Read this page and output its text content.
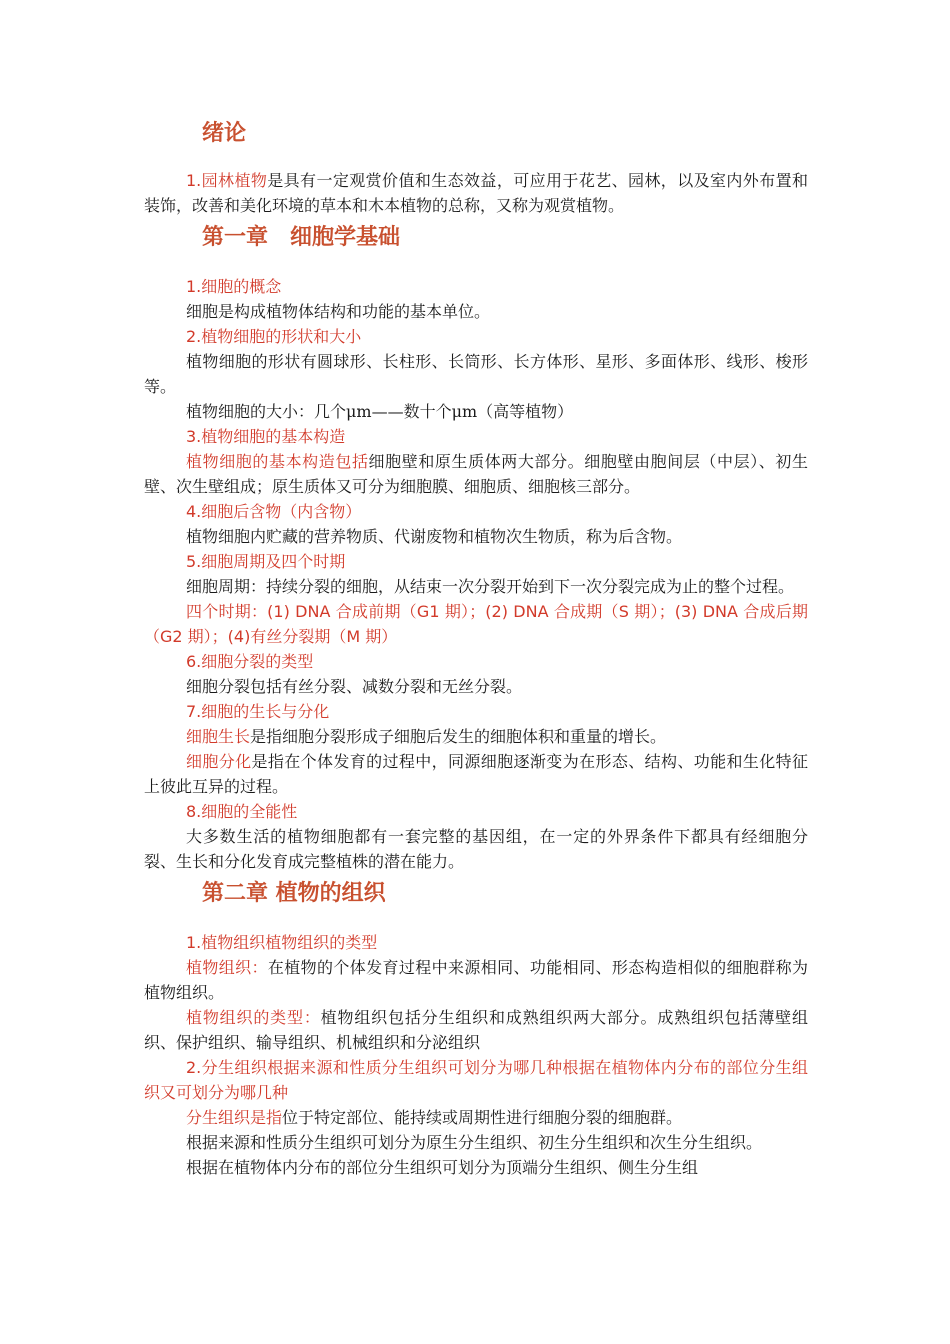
绪论

1.园林植物是具有一定观赏价值和生态效益，可应用于花艺、园林，以及室内外布置和装饰，改善和美化环境的草本和木本植物的总称，又称为观赏植物。

第一章　细胞学基础

1.细胞的概念

细胞是构成植物体结构和功能的基本单位。

2.植物细胞的形状和大小

植物细胞的形状有圆球形、长柱形、长筒形、长方体形、星形、多面体形、线形、梭形等。

植物细胞的大小：几个μm——数十个μm（高等植物）

3.植物细胞的基本构造

植物细胞的基本构造包括细胞壁和原生质体两大部分。细胞壁由胞间层（中层）、初生壁、次生壁组成；原生质体又可分为细胞膜、细胞质、细胞核三部分。

4.细胞后含物（内含物）

植物细胞内贮藏的营养物质、代谢废物和植物次生物质，称为后含物。

5.细胞周期及四个时期

细胞周期：持续分裂的细胞，从结束一次分裂开始到下一次分裂完成为止的整个过程。

四个时期：(1) DNA 合成前期（G1 期）；(2) DNA 合成期（S 期）；(3) DNA 合成后期（G2 期）；(4)有丝分裂期（M 期）

6.细胞分裂的类型

细胞分裂包括有丝分裂、减数分裂和无丝分裂。

7.细胞的生长与分化

细胞生长是指细胞分裂形成子细胞后发生的细胞体积和重量的增长。

细胞分化是指在个体发育的过程中，同源细胞逐渐变为在形态、结构、功能和生化特征上彼此互异的过程。

8.细胞的全能性

大多数生活的植物细胞都有一套完整的基因组，在一定的外界条件下都具有经细胞分裂、生长和分化发育成完整植株的潜在能力。

第二章 植物的组织

1.植物组织植物组织的类型

植物组织：在植物的个体发育过程中来源相同、功能相同、形态构造相似的细胞群称为植物组织。

植物组织的类型：植物组织包括分生组织和成熟组织两大部分。成熟组织包括薄壁组织、保护组织、输导组织、机械组织和分泌组织

2.分生组织根据来源和性质分生组织可划分为哪几种根据在植物体内分布的部位分生组织又可划分为哪几种

分生组织是指位于特定部位、能持续或周期性进行细胞分裂的细胞群。

根据来源和性质分生组织可划分为原生分生组织、初生分生组织和次生分生组织。

根据在植物体内分布的部位分生组织可划分为顶端分生组织、侧生分生组
